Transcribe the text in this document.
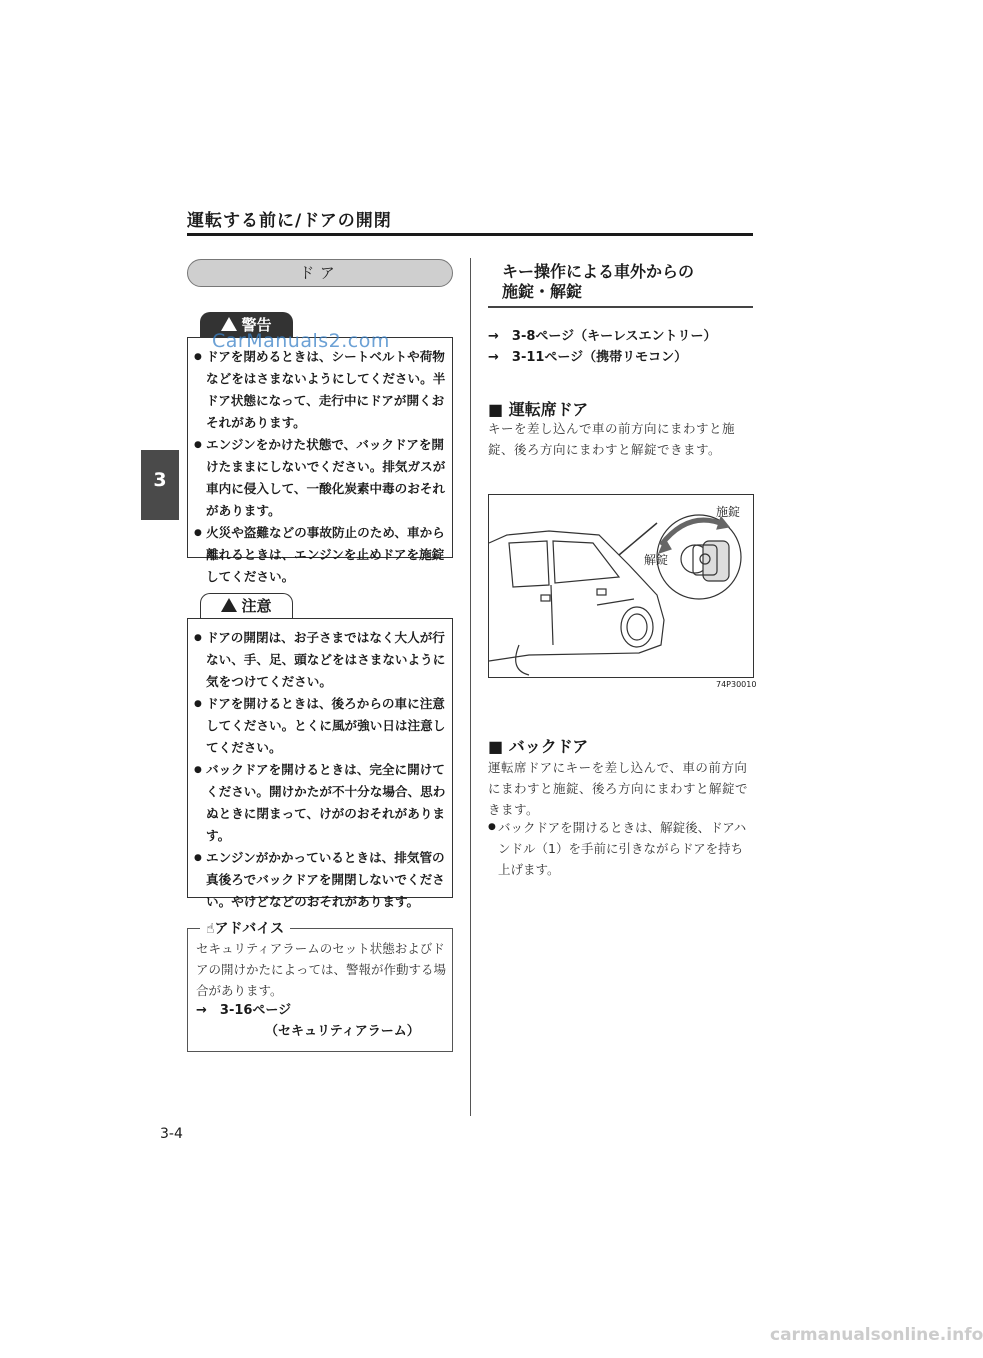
運転する前に/ドアの開閉
3
3-4
ドア
警告
● ドアを閉めるときは、シートベルトや荷物などをはさまないようにしてください。半ドア状態になって、走行中にドアが開くおそれがあります。
● エンジンをかけた状態で、バックドアを開けたままにしないでください。排気ガスが車内に侵入して、一酸化炭素中毒のおそれがあります。
● 火災や盗難などの事故防止のため、車から離れるときは、エンジンを止めドアを施錠してください。
CarManuals2.com
注意
● ドアの開閉は、お子さまではなく大人が行ない、手、足、頭などをはさまないように気をつけてください。
● ドアを開けるときは、後ろからの車に注意してください。とくに風が強い日は注意してください。
● バックドアを開けるときは、完全に開けてください。開けかたが不十分な場合、思わぬときに閉まって、けがのおそれがあります。
● エンジンがかかっているときは、排気管の真後ろでバックドアを開閉しないでください。やけどなどのおそれがあります。
☝アドバイス
セキュリティアラームのセット状態およびドアの開けかたによっては、警報が作動する場合があります。
→　3-16ページ
（セキュリティアラーム）
キー操作による車外からの
施錠・解錠
→　3-8ページ（キーレスエントリー）
→　3-11ページ（携帯リモコン）
■ 運転席ドア
キーを差し込んで車の前方向にまわすと施錠、後ろ方向にまわすと解錠できます。
施錠
解錠
74P30010
■ バックドア
運転席ドアにキーを差し込んで、車の前方向にまわすと施錠、後ろ方向にまわすと解錠できます。
● バックドアを開けるときは、解錠後、ドアハンドル（1）を手前に引きながらドアを持ち上げます。
carmanualsonline.info
